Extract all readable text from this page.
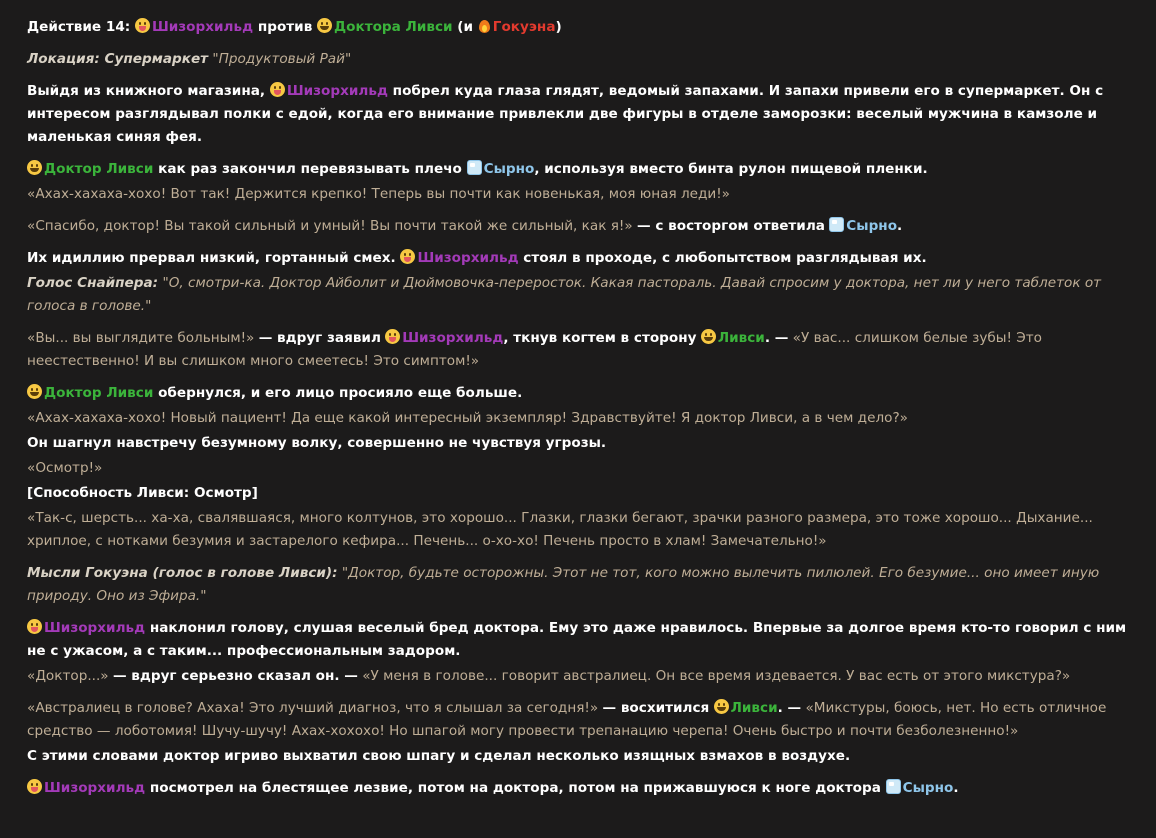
Действие 14: Шизорхильд против Доктора Ливси (и Гокуэна)

Локация: Супермаркет "Продуктовый Рай"

Выйдя из книжного магазина, Шизорхильд побрел куда глаза глядят, ведомый запахами. И запахи привели его в супермаркет. Он с интересом разглядывал полки с едой, когда его внимание привлекли две фигуры в отделе заморозки: веселый мужчина в камзоле и маленькая синяя фея.

Доктор Ливси как раз закончил перевязывать плечо Сырно, используя вместо бинта рулон пищевой пленки.

«Ахах-хахаха-хохо! Вот так! Держится крепко! Теперь вы почти как новенькая, моя юная леди!»

«Спасибо, доктор! Вы такой сильный и умный! Вы почти такой же сильный, как я!» — с восторгом ответила Сырно.

Их идиллию прервал низкий, гортанный смех. Шизорхильд стоял в проходе, с любопытством разглядывая их.

Голос Снайпера: "О, смотри-ка. Доктор Айболит и Дюймовочка-переросток. Какая пастораль. Давай спросим у доктора, нет ли у него таблеток от голоса в голове."

«Вы... вы выглядите больным!» — вдруг заявил Шизорхильд, ткнув когтем в сторону Ливси. — «У вас... слишком белые зубы! Это неестественно! И вы слишком много смеетесь! Это симптом!»

Доктор Ливси обернулся, и его лицо просияло еще больше.

«Ахах-хахаха-хохо! Новый пациент! Да еще какой интересный экземпляр! Здравствуйте! Я доктор Ливси, а в чем дело?»

Он шагнул навстречу безумному волку, совершенно не чувствуя угрозы.

«Осмотр!»

[Способность Ливси: Осмотр]

«Так-с, шерсть... ха-ха, свалявшаяся, много колтунов, это хорошо... Глазки, глазки бегают, зрачки разного размера, это тоже хорошо... Дыхание... хриплое, с нотками безумия и застарелого кефира... Печень... о-хо-хо! Печень просто в хлам! Замечательно!»

Мысли Гокуэна (голос в голове Ливси): "Доктор, будьте осторожны. Этот не тот, кого можно вылечить пилюлей. Его безумие... оно имеет иную природу. Оно из Эфира."

Шизорхильд наклонил голову, слушая веселый бред доктора. Ему это даже нравилось. Впервые за долгое время кто-то говорил с ним не с ужасом, а с таким... профессиональным задором.

«Доктор...» — вдруг серьезно сказал он. — «У меня в голове... говорит австралиец. Он все время издевается. У вас есть от этого микстура?»

«Австралиец в голове? Ахаха! Это лучший диагноз, что я слышал за сегодня!» — восхитился Ливси. — «Микстуры, боюсь, нет. Но есть отличное средство — лоботомия! Шучу-шучу! Ахах-хохохо! Но шпагой могу провести трепанацию черепа! Очень быстро и почти безболезненно!»

С этими словами доктор игриво выхватил свою шпагу и сделал несколько изящных взмахов в воздухе.

Шизорхильд посмотрел на блестящее лезвие, потом на доктора, потом на прижавшуюся к ноге доктора Сырно.
